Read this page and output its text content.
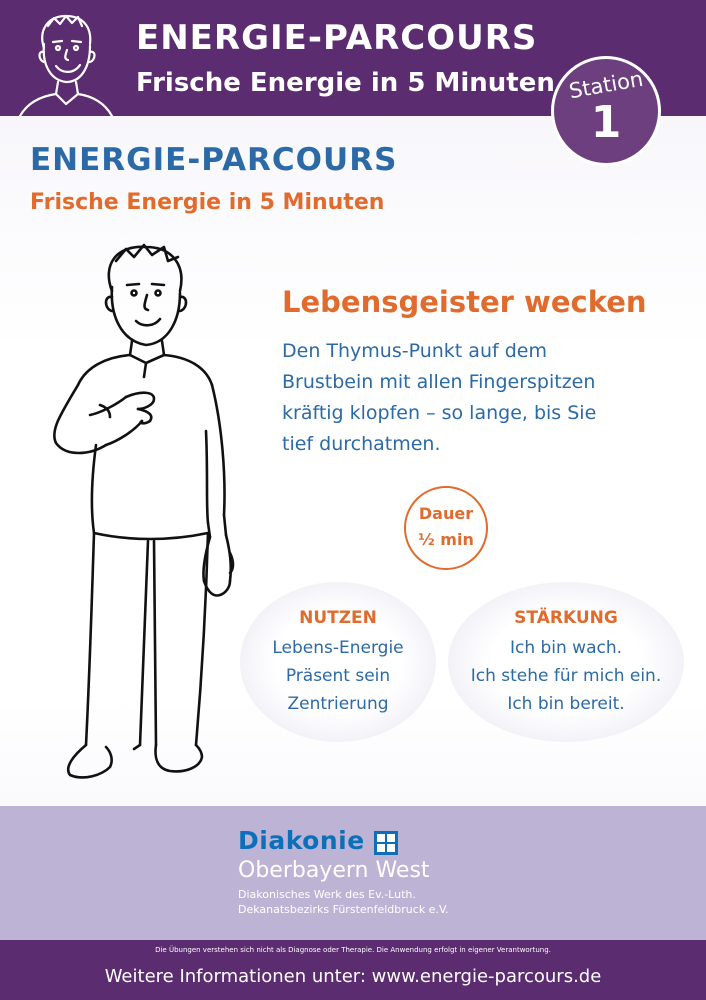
ENERGIE-PARCOURS
Frische Energie in 5 Minuten Station
1
ENERGIE-PARCOURS
Frische Energie in 5 Minuten
Lebensgeister wecken
Den Thymus-Punkt auf dem
Brustbein mit allen Fingerspitzen
kräftig klopfen – so lange, bis Sie
tief durchatmen.
Dauer
½ min
NUTZEN
Lebens-Energie
Präsent sein
Zentrierung
STÄRKUNG
Ich bin wach.
Ich stehe für mich ein.
Ich bin bereit.
Diakonie
Oberbayern West
Diakonisches Werk des Ev.-Luth.
Dekanatsbezirks Fürstenfeldbruck e.V.
Die Übungen verstehen sich nicht als Diagnose oder Therapie. Die Anwendung erfolgt in eigener Verantwortung.
Weitere Informationen unter: www.energie-parcours.de
